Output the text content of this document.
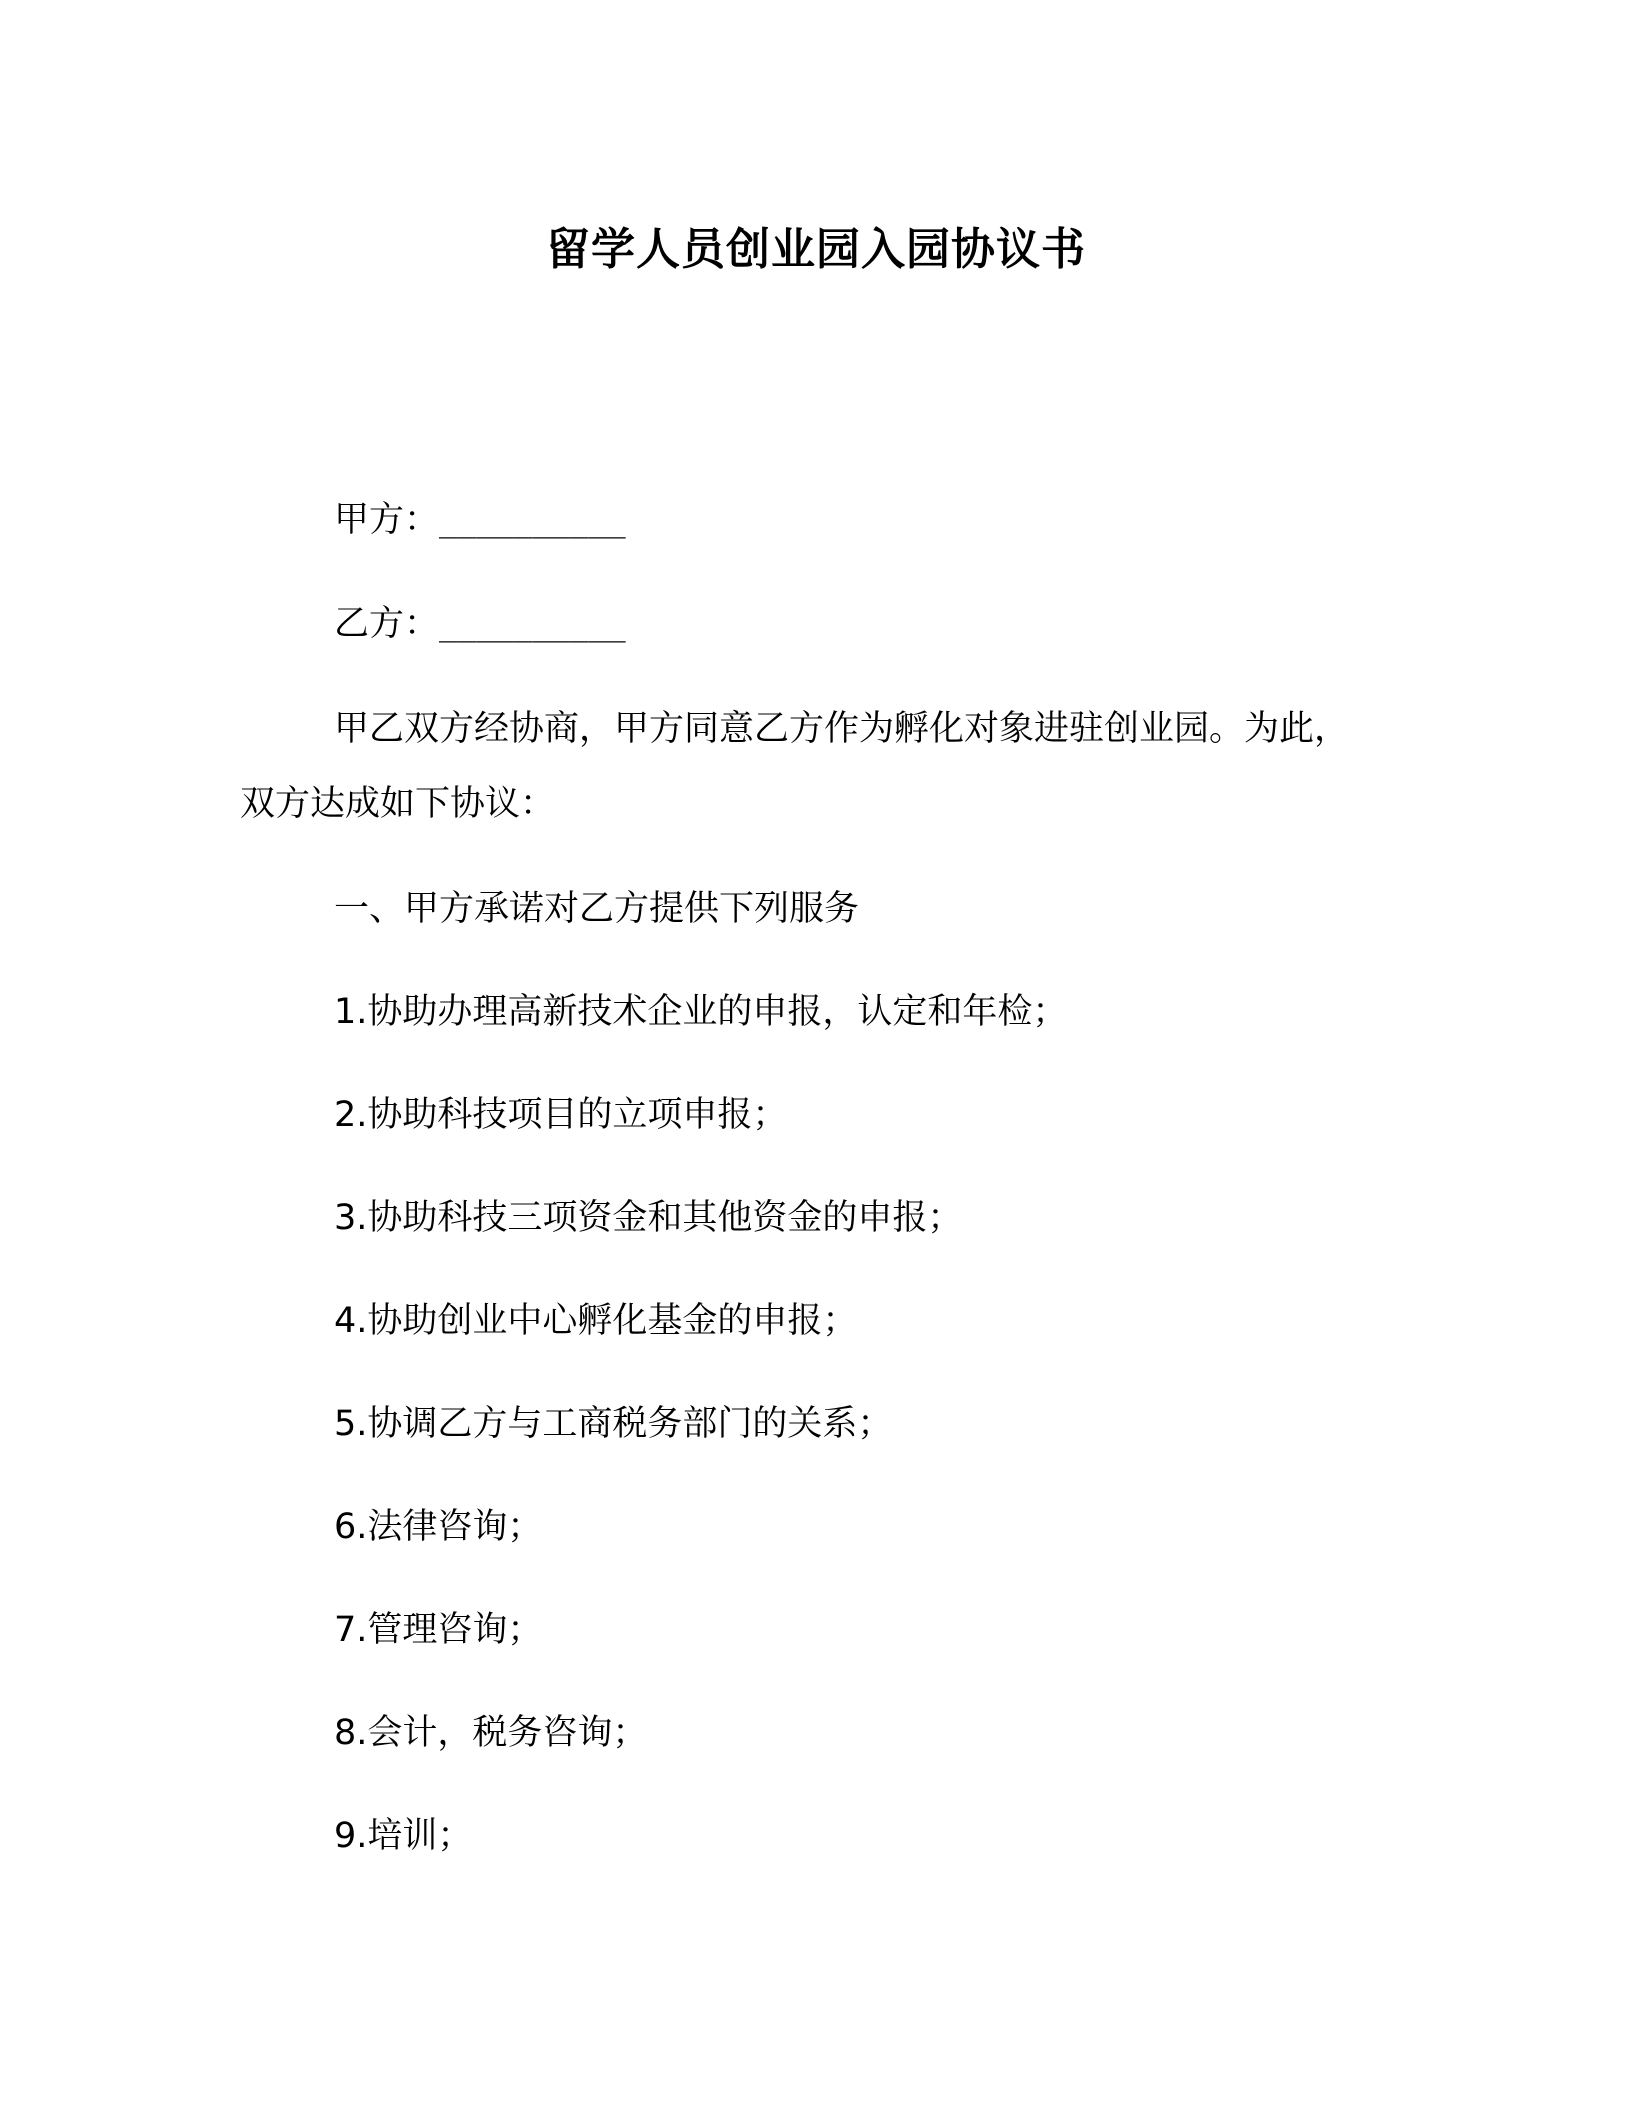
留学人员创业园入园协议书
甲方：__________
乙方：__________
甲乙双方经协商，甲方同意乙方作为孵化对象进驻创业园。为此，
双方达成如下协议：
一、甲方承诺对乙方提供下列服务
1.协助办理高新技术企业的申报，认定和年检；
2.协助科技项目的立项申报；
3.协助科技三项资金和其他资金的申报；
4.协助创业中心孵化基金的申报；
5.协调乙方与工商税务部门的关系；
6.法律咨询；
7.管理咨询；
8.会计，税务咨询；
9.培训；
